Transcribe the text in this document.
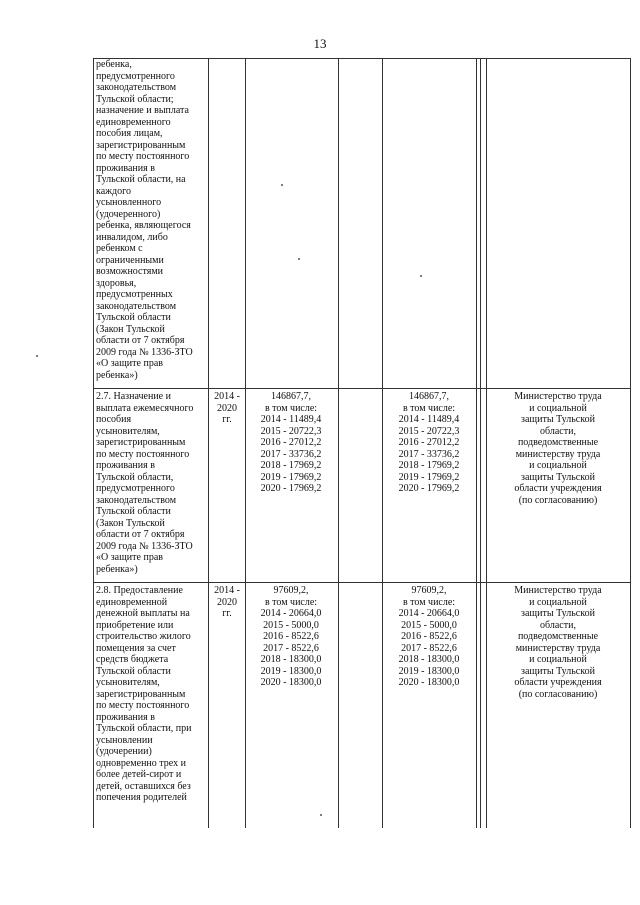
13
ребенка,
предусмотренного
законодательством
Тульской области;
назначение и выплата
единовременного
пособия лицам,
зарегистрированным
по месту постоянного
проживания в
Тульской области, на
каждого
усыновленного
(удочеренного)
ребенка, являющегося
инвалидом, либо
ребенком с
ограниченными
возможностями
здоровья,
предусмотренных
законодательством
Тульской области
(Закон Тульской
области от 7 октября
2009 года № 1336-ЗТО
«О защите прав
ребенка»)
2.7. Назначение и
выплата ежемесячного
пособия
усыновителям,
зарегистрированным
по месту постоянного
проживания в
Тульской области,
предусмотренного
законодательством
Тульской области
(Закон Тульской
области от 7 октября
2009 года № 1336-ЗТО
«О защите прав
ребенка»)
2014 -
2020
гг.
146867,7,
в том числе:
2014 - 11489,4
2015 - 20722,3
2016 - 27012,2
2017 - 33736,2
2018 - 17969,2
2019 - 17969,2
2020 - 17969,2
146867,7,
в том числе:
2014 - 11489,4
2015 - 20722,3
2016 - 27012,2
2017 - 33736,2
2018 - 17969,2
2019 - 17969,2
2020 - 17969,2
Министерство труда
и социальной
защиты Тульской
области,
подведомственные
министерству труда
и социальной
защиты Тульской
области учреждения
(по согласованию)
2.8. Предоставление
единовременной
денежной выплаты на
приобретение или
строительство жилого
помещения за счет
средств бюджета
Тульской области
усыновителям,
зарегистрированным
по месту постоянного
проживания в
Тульской области, при
усыновлении
(удочерении)
одновременно трех и
более детей-сирот и
детей, оставшихся без
попечения родителей
2014 -
2020
гг.
97609,2,
в том числе:
2014 - 20664,0
2015 - 5000,0
2016 - 8522,6
2017 - 8522,6
2018 - 18300,0
2019 - 18300,0
2020 - 18300,0
97609,2,
в том числе:
2014 - 20664,0
2015 - 5000,0
2016 - 8522,6
2017 - 8522,6
2018 - 18300,0
2019 - 18300,0
2020 - 18300,0
Министерство труда
и социальной
защиты Тульской
области,
подведомственные
министерству труда
и социальной
защиты Тульской
области учреждения
(по согласованию)
